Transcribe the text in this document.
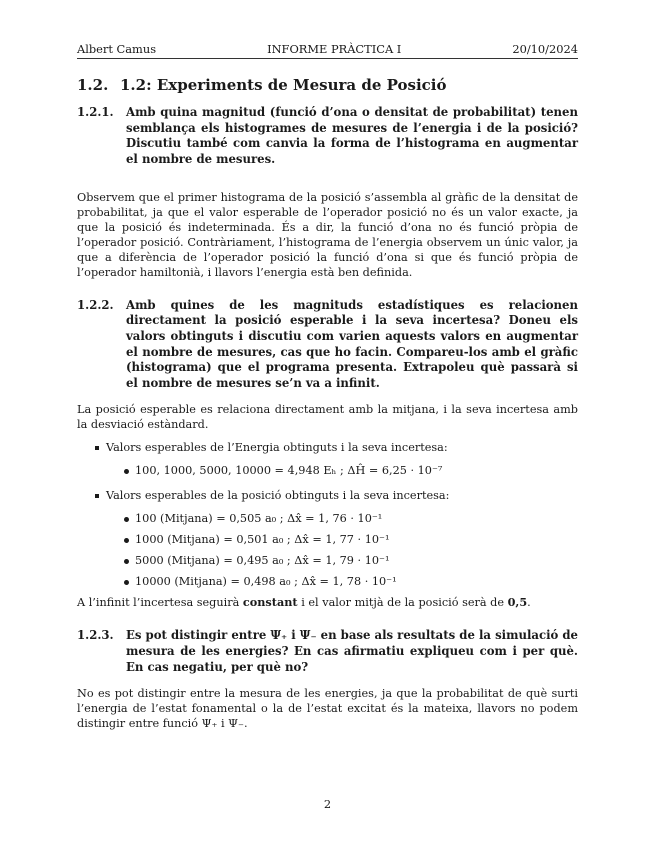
Albert Camus	INFORME PRÀCTICA I	20/10/2024
1.2. 1.2: Experiments de Mesura de Posició
1.2.1.	Amb quina magnitud (funció d’ona o densitat de probabilitat) tenen semblança els histogrames de mesures de l’energia i de la posició? Discutiu també com canvia la forma de l’histograma en augmentar el nombre de mesures.

Observem que el primer histograma de la posició s’assembla al gràfic de la densitat de probabilitat, ja que el valor esperable de l’operador posició no és un valor exacte, ja que la posició és indeterminada. És a dir, la funció d’ona no és funció pròpia de l’operador posició. Contràriament, l’histograma de l’energia observem un únic valor, ja que a diferència de l’operador posició la funció d’ona si que és funció pròpia de l’operador hamiltonià, i llavors l’energia està ben definida.

1.2.2.	Amb quines de les magnituds estadístiques es relacionen directament la posició esperable i la seva incertesa? Doneu els valors obtinguts i discutiu com varien aquests valors en augmentar el nombre de mesures, cas que ho facin. Compareu-los amb el gràfic (histograma) que el programa presenta. Extrapoleu què passarà si el nombre de mesures se’n va a infinit.

La posició esperable es relaciona directament amb la mitjana, i la seva incertesa amb la desviació estàndard.

Valors esperables de l’Energia obtinguts i la seva incertesa:
100, 1000, 5000, 10000 = 4,948 Eₕ ; ΔĤ = 6,25 · 10⁻⁷
Valors esperables de la posició obtinguts i la seva incertesa:
100 (Mitjana) = 0,505 a₀ ; Δx̂ = 1, 76 · 10⁻¹
1000 (Mitjana) = 0,501 a₀ ; Δx̂ = 1, 77 · 10⁻¹
5000 (Mitjana) = 0,495 a₀ ; Δx̂ = 1, 79 · 10⁻¹
10000 (Mitjana) = 0,498 a₀ ; Δx̂ = 1, 78 · 10⁻¹

A l’infinit l’incertesa seguirà constant i el valor mitjà de la posició serà de 0,5.

1.2.3.	Es pot distingir entre Ψ₊ i Ψ₋ en base als resultats de la simulació de mesura de les energies? En cas afirmatiu expliqueu com i per què. En cas negatiu, per què no?

No es pot distingir entre la mesura de les energies, ja que la probabilitat de què surti l’energia de l’estat fonamental o la de l’estat excitat és la mateixa, llavors no podem distingir entre funció Ψ₊ i Ψ₋.

2
